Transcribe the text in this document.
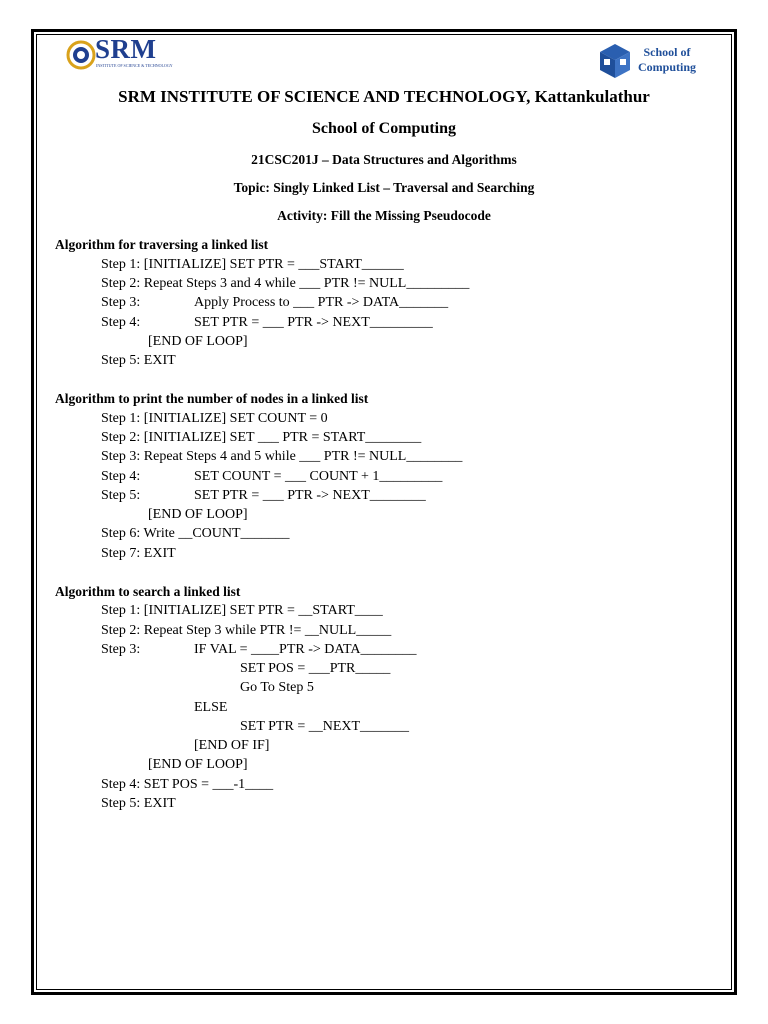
SRM
INSTITUTE OF SCIENCE & TECHNOLOGY
School of
Computing
SRM INSTITUTE OF SCIENCE AND TECHNOLOGY, Kattankulathur
School of Computing
21CSC201J – Data Structures and Algorithms
Topic: Singly Linked List – Traversal and Searching
Activity: Fill the Missing Pseudocode
Algorithm for traversing a linked list
Step 1: [INITIALIZE] SET PTR = ___START______
Step 2: Repeat Steps 3 and 4 while ___ PTR != NULL_________
Step 3:	Apply Process to ___ PTR -> DATA_______
Step 4:	SET PTR = ___ PTR -> NEXT_________
[END OF LOOP]
Step 5: EXIT
Algorithm to print the number of nodes in a linked list
Step 1: [INITIALIZE] SET COUNT = 0
Step 2: [INITIALIZE] SET ___ PTR = START________
Step 3: Repeat Steps 4 and 5 while ___ PTR != NULL________
Step 4:	SET COUNT = ___ COUNT + 1_________
Step 5:	SET PTR = ___ PTR -> NEXT________
[END OF LOOP]
Step 6: Write __COUNT_______
Step 7: EXIT
Algorithm to search a linked list
Step 1: [INITIALIZE] SET PTR = __START____
Step 2: Repeat Step 3 while PTR != __NULL_____
Step 3:	IF VAL = ____PTR -> DATA________
SET POS = ___PTR_____
Go To Step 5
ELSE
SET PTR = __NEXT_______
[END OF IF]
[END OF LOOP]
Step 4: SET POS = ___-1____
Step 5: EXIT
